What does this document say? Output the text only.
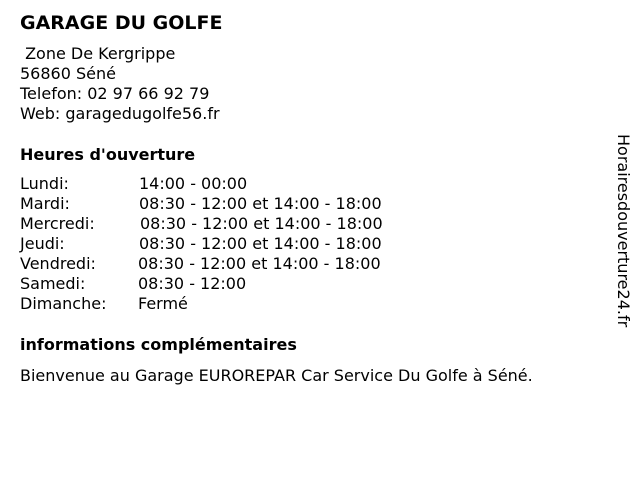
GARAGE DU GOLFE
Zone De Kergrippe
56860 Séné
Telefon: 02 97 66 92 79
Web: garagedugolfe56.fr
Heures d'ouverture
Lundi:	14:00 - 00:00
Mardi:	08:30 - 12:00 et 14:00 - 18:00
Mercredi:	08:30 - 12:00 et 14:00 - 18:00
Jeudi:	08:30 - 12:00 et 14:00 - 18:00
Vendredi:	08:30 - 12:00 et 14:00 - 18:00
Samedi:	08:30 - 12:00
Dimanche: Fermé
informations complémentaires
Bienvenue au Garage EUROREPAR Car Service Du Golfe à Séné.
Horairesdouverture24.fr
